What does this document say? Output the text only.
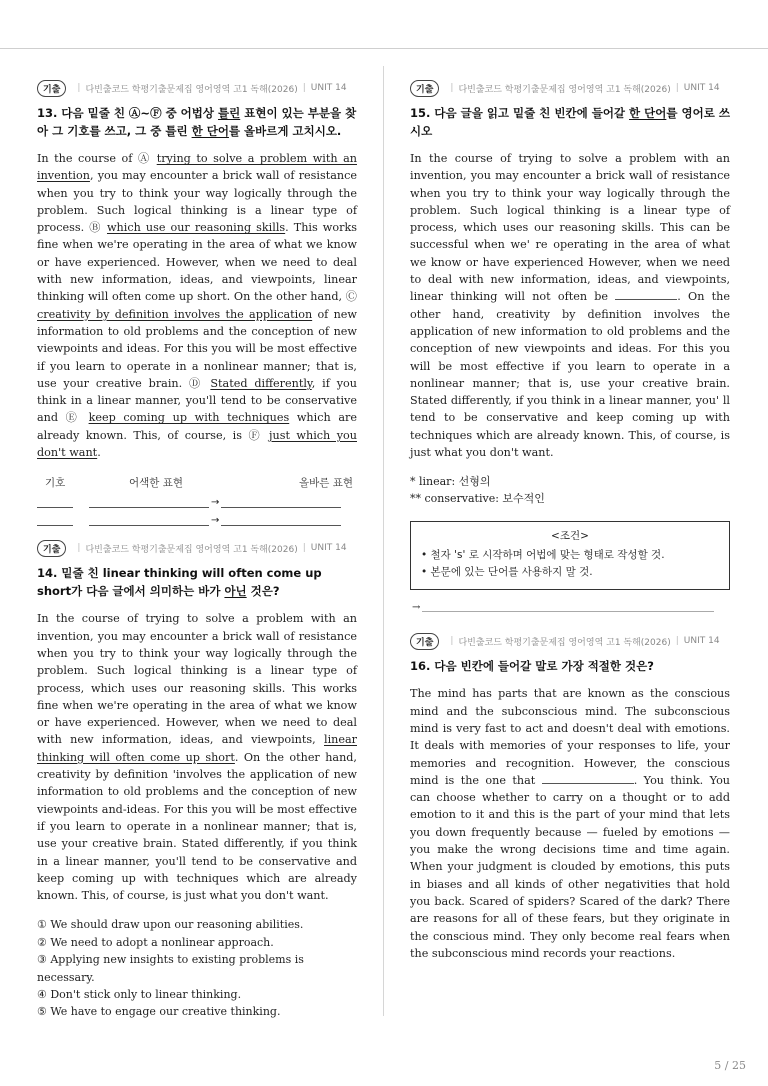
기출	| 다빈출코드 학평기출문제집 영어영역 고1 독해(2026) | UNIT 14
13. 다음 밑줄 친 Ⓐ~Ⓕ 중 어법상 틀린 표현이 있는 부분을 찾아 그 기호를 쓰고, 그 중 틀린 한 단어를 올바르게 고치시오.

In the course of Ⓐ trying to solve a problem with an invention, you may encounter a brick wall of resistance when you try to think your way logically through the problem. Such logical thinking is a linear type of process. Ⓑ which use our reasoning skills. This works fine when we're operating in the area of what we know or have experienced. However, when we need to deal with new information, ideas, and viewpoints, linear thinking will often come up short. On the other hand, Ⓒ creativity by definition involves the application of new information to old problems and the conception of new viewpoints and ideas. For this you will be most effective if you learn to operate in a nonlinear manner; that is, use your creative brain. Ⓓ Stated differently, if you think in a linear manner, you'll tend to be conservative and Ⓔ keep coming up with techniques which are already known. This, of course, is Ⓕ just which you don't want.

기호	어색한 표현	올바른 표현
→
→
기출	| 다빈출코드 학평기출문제집 영어영역 고1 독해(2026) | UNIT 14
14. 밑줄 친 linear thinking will often come up short가 다음 글에서 의미하는 바가 아닌 것은?

In the course of trying to solve a problem with an invention, you may encounter a brick wall of resistance when you try to think your way logically through the problem. Such logical thinking is a linear type of process, which uses our reasoning skills. This works fine when we're operating in the area of what we know or have experienced. However, when we need to deal with new information, ideas, and viewpoints, linear thinking will often come up short. On the other hand, creativity by definition 'involves the application of new information to old problems and the conception of new viewpoints and-ideas. For this you will be most effective if you learn to operate in a nonlinear manner; that is, use your creative brain. Stated differently, if you think in a linear manner, you'll tend to be conservative and keep coming up with techniques which are already known. This, of course, is just what you don't want.

① We should draw upon our reasoning abilities.
② We need to adopt a nonlinear approach.
③ Applying new insights to existing problems is necessary.
④ Don't stick only to linear thinking.
⑤ We have to engage our creative thinking.
기출	| 다빈출코드 학평기출문제집 영어영역 고1 독해(2026) | UNIT 14
15. 다음 글을 읽고 밑줄 친 빈칸에 들어갈 한 단어를 영어로 쓰시오

In the course of trying to solve a problem with an invention, you may encounter a brick wall of resistance when you try to think your way logically through the problem. Such logical thinking is a linear type of process, which uses our reasoning skills. This can be successful when we' re operating in the area of what we know or have experienced However, when we need to deal with new information, ideas, and viewpoints, linear thinking will not often be	. On the other hand, creativity by definition involves the application of new information to old problems and the conception of new viewpoints and ideas. For this you will be most effective if you learn to operate in a nonlinear manner; that is, use your creative brain. Stated differently, if you think in a linear manner, you' ll tend to be conservative and keep coming up with techniques which are already known. This, of course, is just what you don't want.

* linear: 선형의
** conservative: 보수적인
<조건>
• 철자 's' 로 시작하며 어법에 맞는 형태로 작성할 것.
• 본문에 있는 단어를 사용하지 말 것.
→
기출	| 다빈출코드 학평기출문제집 영어영역 고1 독해(2026) | UNIT 14
16. 다음 빈칸에 들어갈 말로 가장 적절한 것은?

The mind has parts that are known as the conscious mind and the subconscious mind. The subconscious mind is very fast to act and doesn't deal with emotions. It deals with memories of your responses to life, your memories and recognition. However, the conscious mind is the one that	. You think. You can choose whether to carry on a thought or to add emotion to it and this is the part of your mind that lets you down frequently because — fueled by emotions — you make the wrong decisions time and time again. When your judgment is clouded by emotions, this puts in biases and all kinds of other negativities that hold you back. Scared of spiders? Scared of the dark? There are reasons for all of these fears, but they originate in the conscious mind. They only become real fears when the subconscious mind records your reactions.

5 / 25
